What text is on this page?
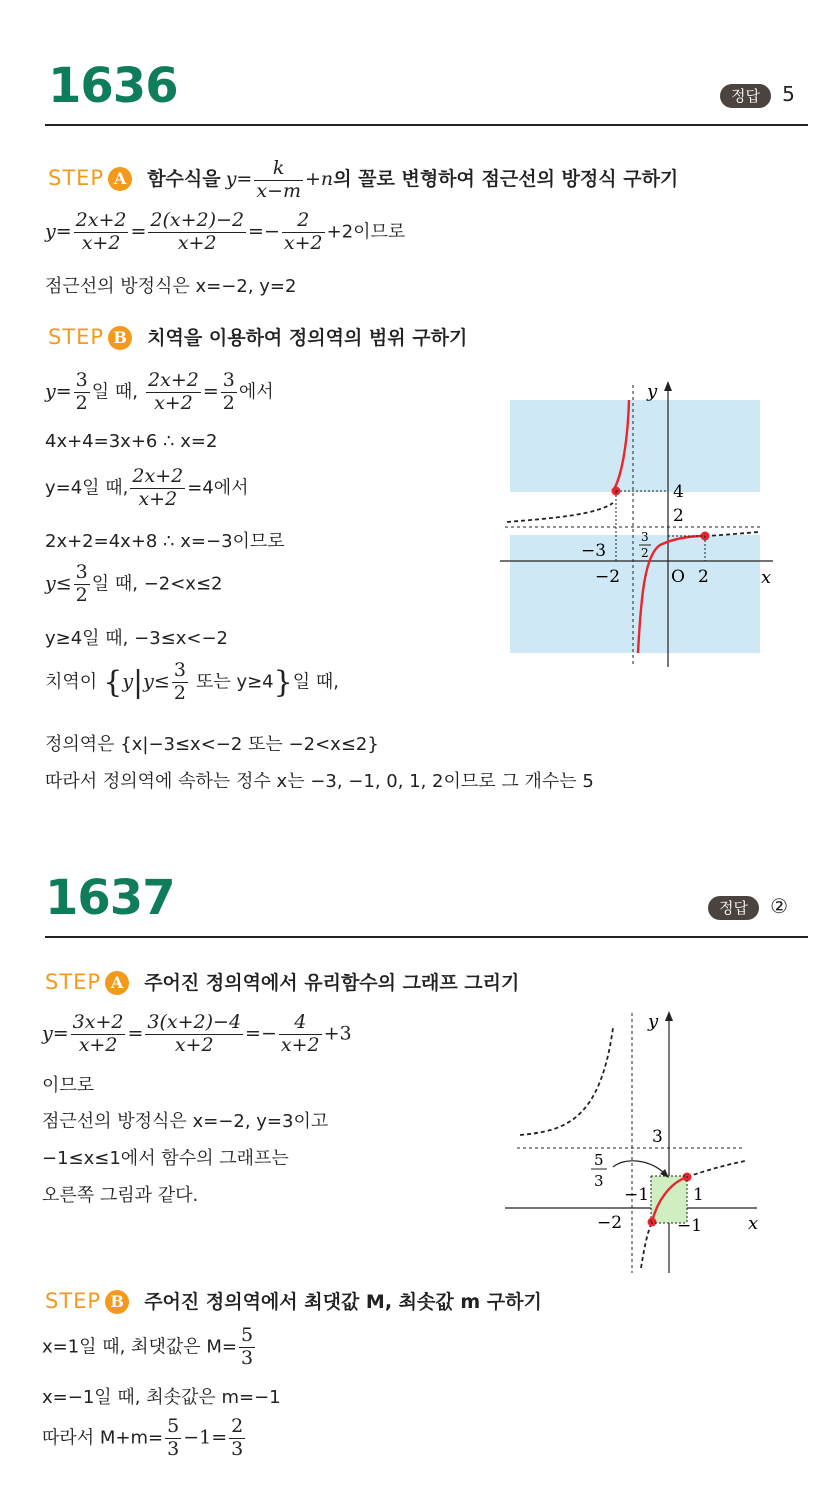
1636	정답 5
STEP A 함수식을 $y= \frac{k}{x-m} +n$의 꼴로 변형하여 점근선의 방정식 구하기
$y= \frac{2x+2}{x+2} = \frac{2(x+2)-2}{x+2} =- \frac{2}{x+2} +2$이므로
점근선의 방정식은 x=−2, y=2
STEP B 치역을 이용하여 정의역의 범위 구하기
$y= \frac{3}{2}$ 일 때, $\frac{2x+2}{x+2} = \frac{3}{2}$ 에서
4x+4=3x+6 ∴ x=2
y=4일 때, $\frac{2x+2}{x+2} =4$에서
2x+2=4x+8 ∴ x=−3이므로
$y\le \frac{3}{2}$ 일 때, −2<x≤2
y≥4일 때, −3≤x<−2
치역이 {$y|y\le \frac{3}{2}$ 또는 y≥4}일 때,
정의역은 {x|−3≤x<−2 또는 −2<x≤2}
따라서 정의역에 속하는 정수 x는 −3, −1, 0, 1, 2이므로 그 개수는 5
y
x
4
2
−3
3
2
−2	O 2
1637	정답 ②
STEP A 주어진 정의역에서 유리함수의 그래프 그리기
$y= \frac{3x+2}{x+2} = \frac{3(x+2)-4}{x+2} =- \frac{4}{x+2} +3$
이므로
점근선의 방정식은 x=−2, y=3이고
−1≤x≤1에서 함수의 그래프는
오른쪽 그림과 같다.
y
x
3
5
3
−1	1
−2	−1
STEP B 주어진 정의역에서 최댓값 M, 최솟값 m 구하기
x=1일 때, 최댓값은 $M= \frac{5}{3}$
x=−1일 때, 최솟값은 m=−1
따라서 $M+m= \frac{5}{3} -1= \frac{2}{3}$
